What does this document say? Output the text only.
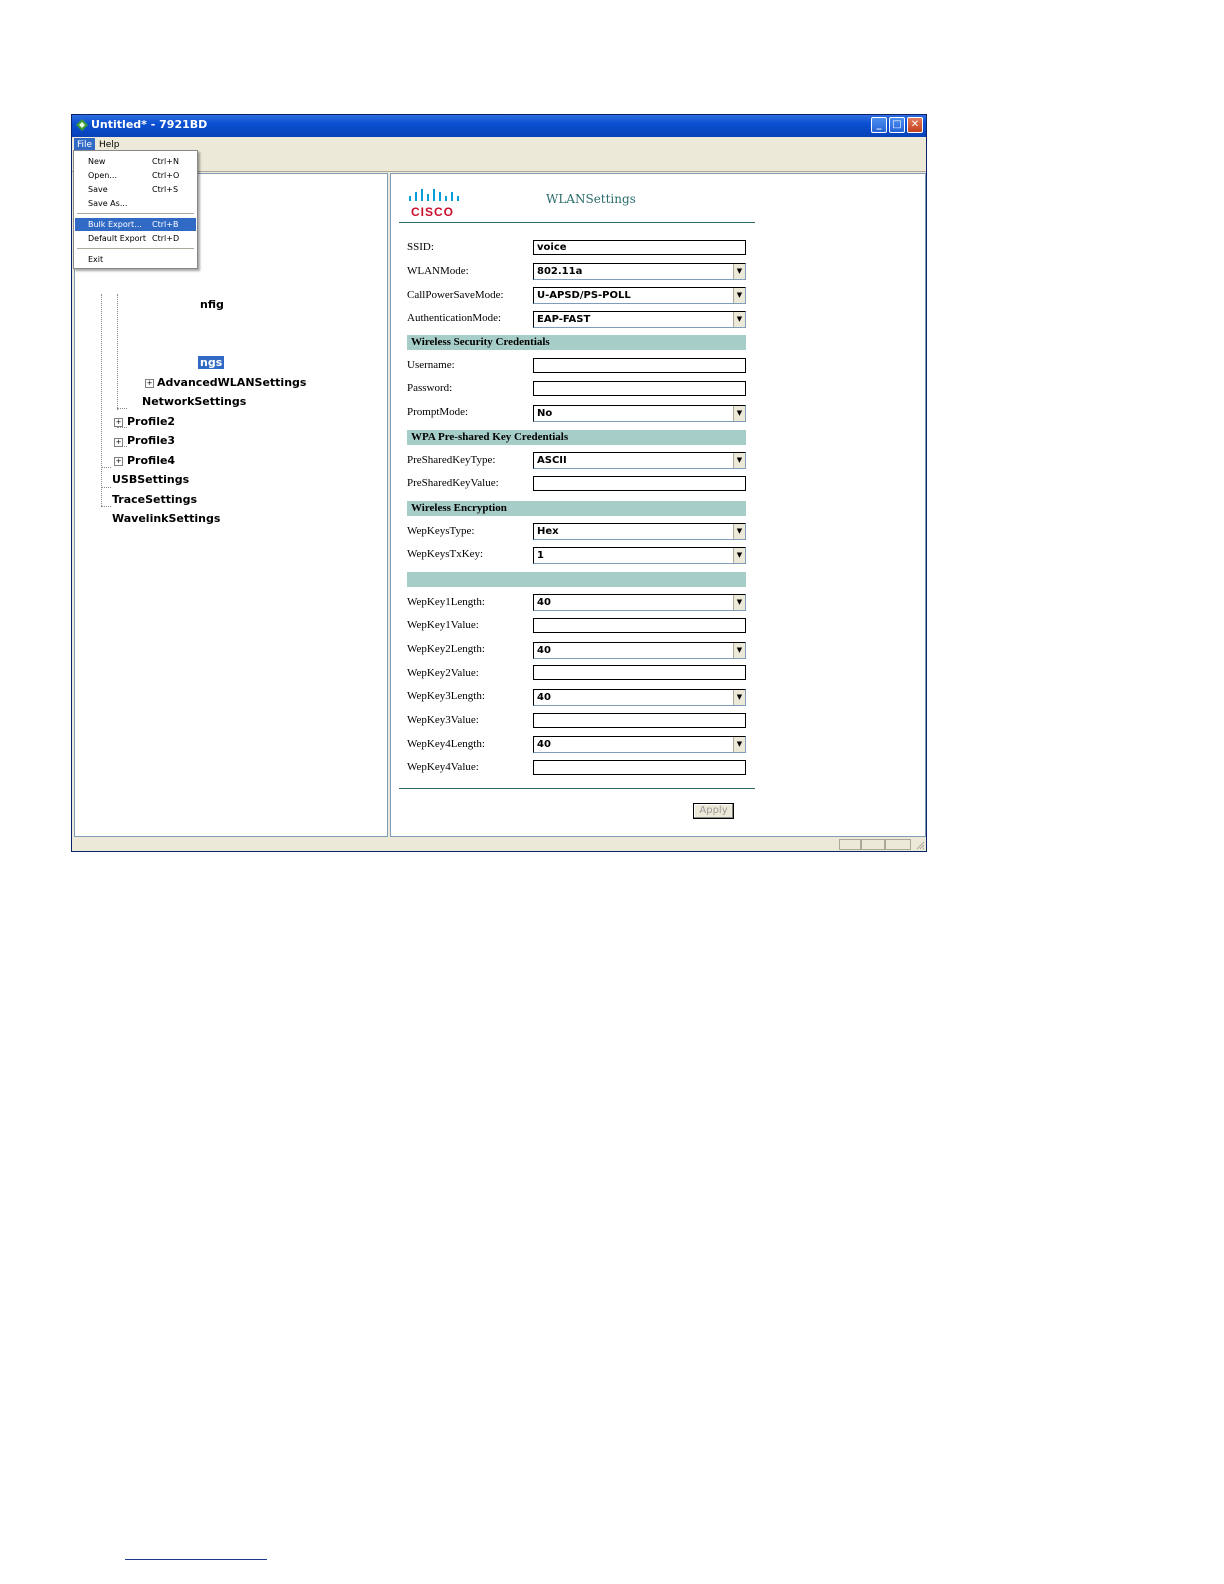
Untitled* - 7921BD	_	□ ✕
File Help
nfig
ngs
+ AdvancedWLANSettings
NetworkSettings
+ Profile2
+ Profile3
+ Profile4
USBSettings
TraceSettings
WavelinkSettings
CISCO
WLANSettings
SSID:	voice
WLANMode:	802.11a	▼
CallPowerSaveMode:	U-APSD/PS-POLL	▼
AuthenticationMode:	EAP-FAST	▼
Wireless Security Credentials
Username:
Password:
PromptMode:	No	▼
WPA Pre-shared Key Credentials
PreSharedKeyType:	ASCII	▼
PreSharedKeyValue:
Wireless Encryption
WepKeysType:	Hex	▼
WepKeysTxKey:	1	▼
WepKey1Length:	40	▼
WepKey1Value:
WepKey2Length:	40	▼
WepKey2Value:
WepKey3Length:	40	▼
WepKey3Value:
WepKey4Length:	40	▼
WepKey4Value:
Apply
New	Ctrl+N
Open...	Ctrl+O
Save	Ctrl+S
Save As...
Bulk Export... Ctrl+B
Default Export Ctrl+D
Exit
